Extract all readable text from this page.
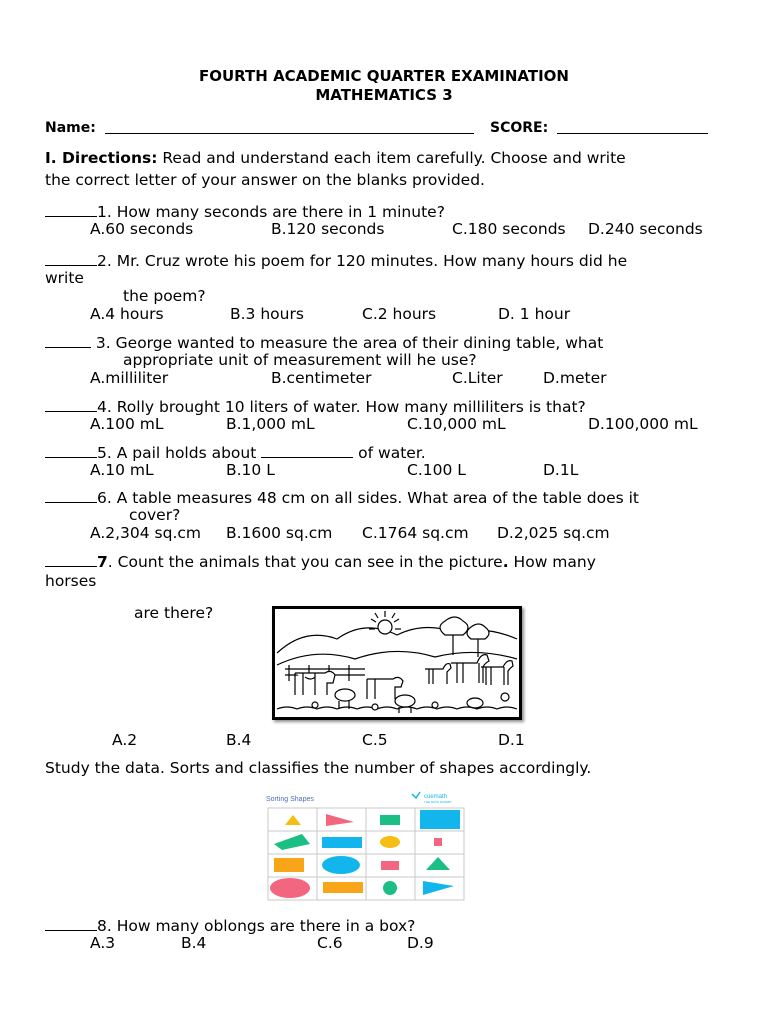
FOURTH ACADEMIC QUARTER EXAMINATION
MATHEMATICS 3
Name:	SCORE:
I. Directions: Read and understand each item carefully. Choose and write
the correct letter of your answer on the blanks provided.
1. How many seconds are there in 1 minute?
A.60 seconds	B.120 seconds	C.180 seconds D.240 seconds
2. Mr. Cruz wrote his poem for 120 minutes. How many hours did he
write
the poem?
A.4 hours	B.3 hours	C.2 hours	D. 1 hour
3. George wanted to measure the area of their dining table, what
appropriate unit of measurement will he use?
A.milliliter	B.centimeter	C.Liter	D.meter
4. Rolly brought 10 liters of water. How many milliliters is that?
A.100 mL	B.1,000 mL	C.10,000 mL	D.100,000 mL
5. A pail holds about	of water.
A.10 mL	B.10 L	C.100 L	D.1L
6. A table measures 48 cm on all sides. What area of the table does it
cover?
A.2,304 sq.cm B.1600 sq.cm C.1764 sq.cm D.2,025 sq.cm
7. Count the animals that you can see in the picture. How many
horses
are there?
A.2	B.4	C.5	D.1
Study the data. Sorts and classifies the number of shapes accordingly.
Sorting Shapes	cuemath
THE MATH EXPERT
8. How many oblongs are there in a box?
A.3	B.4	C.6	D.9
